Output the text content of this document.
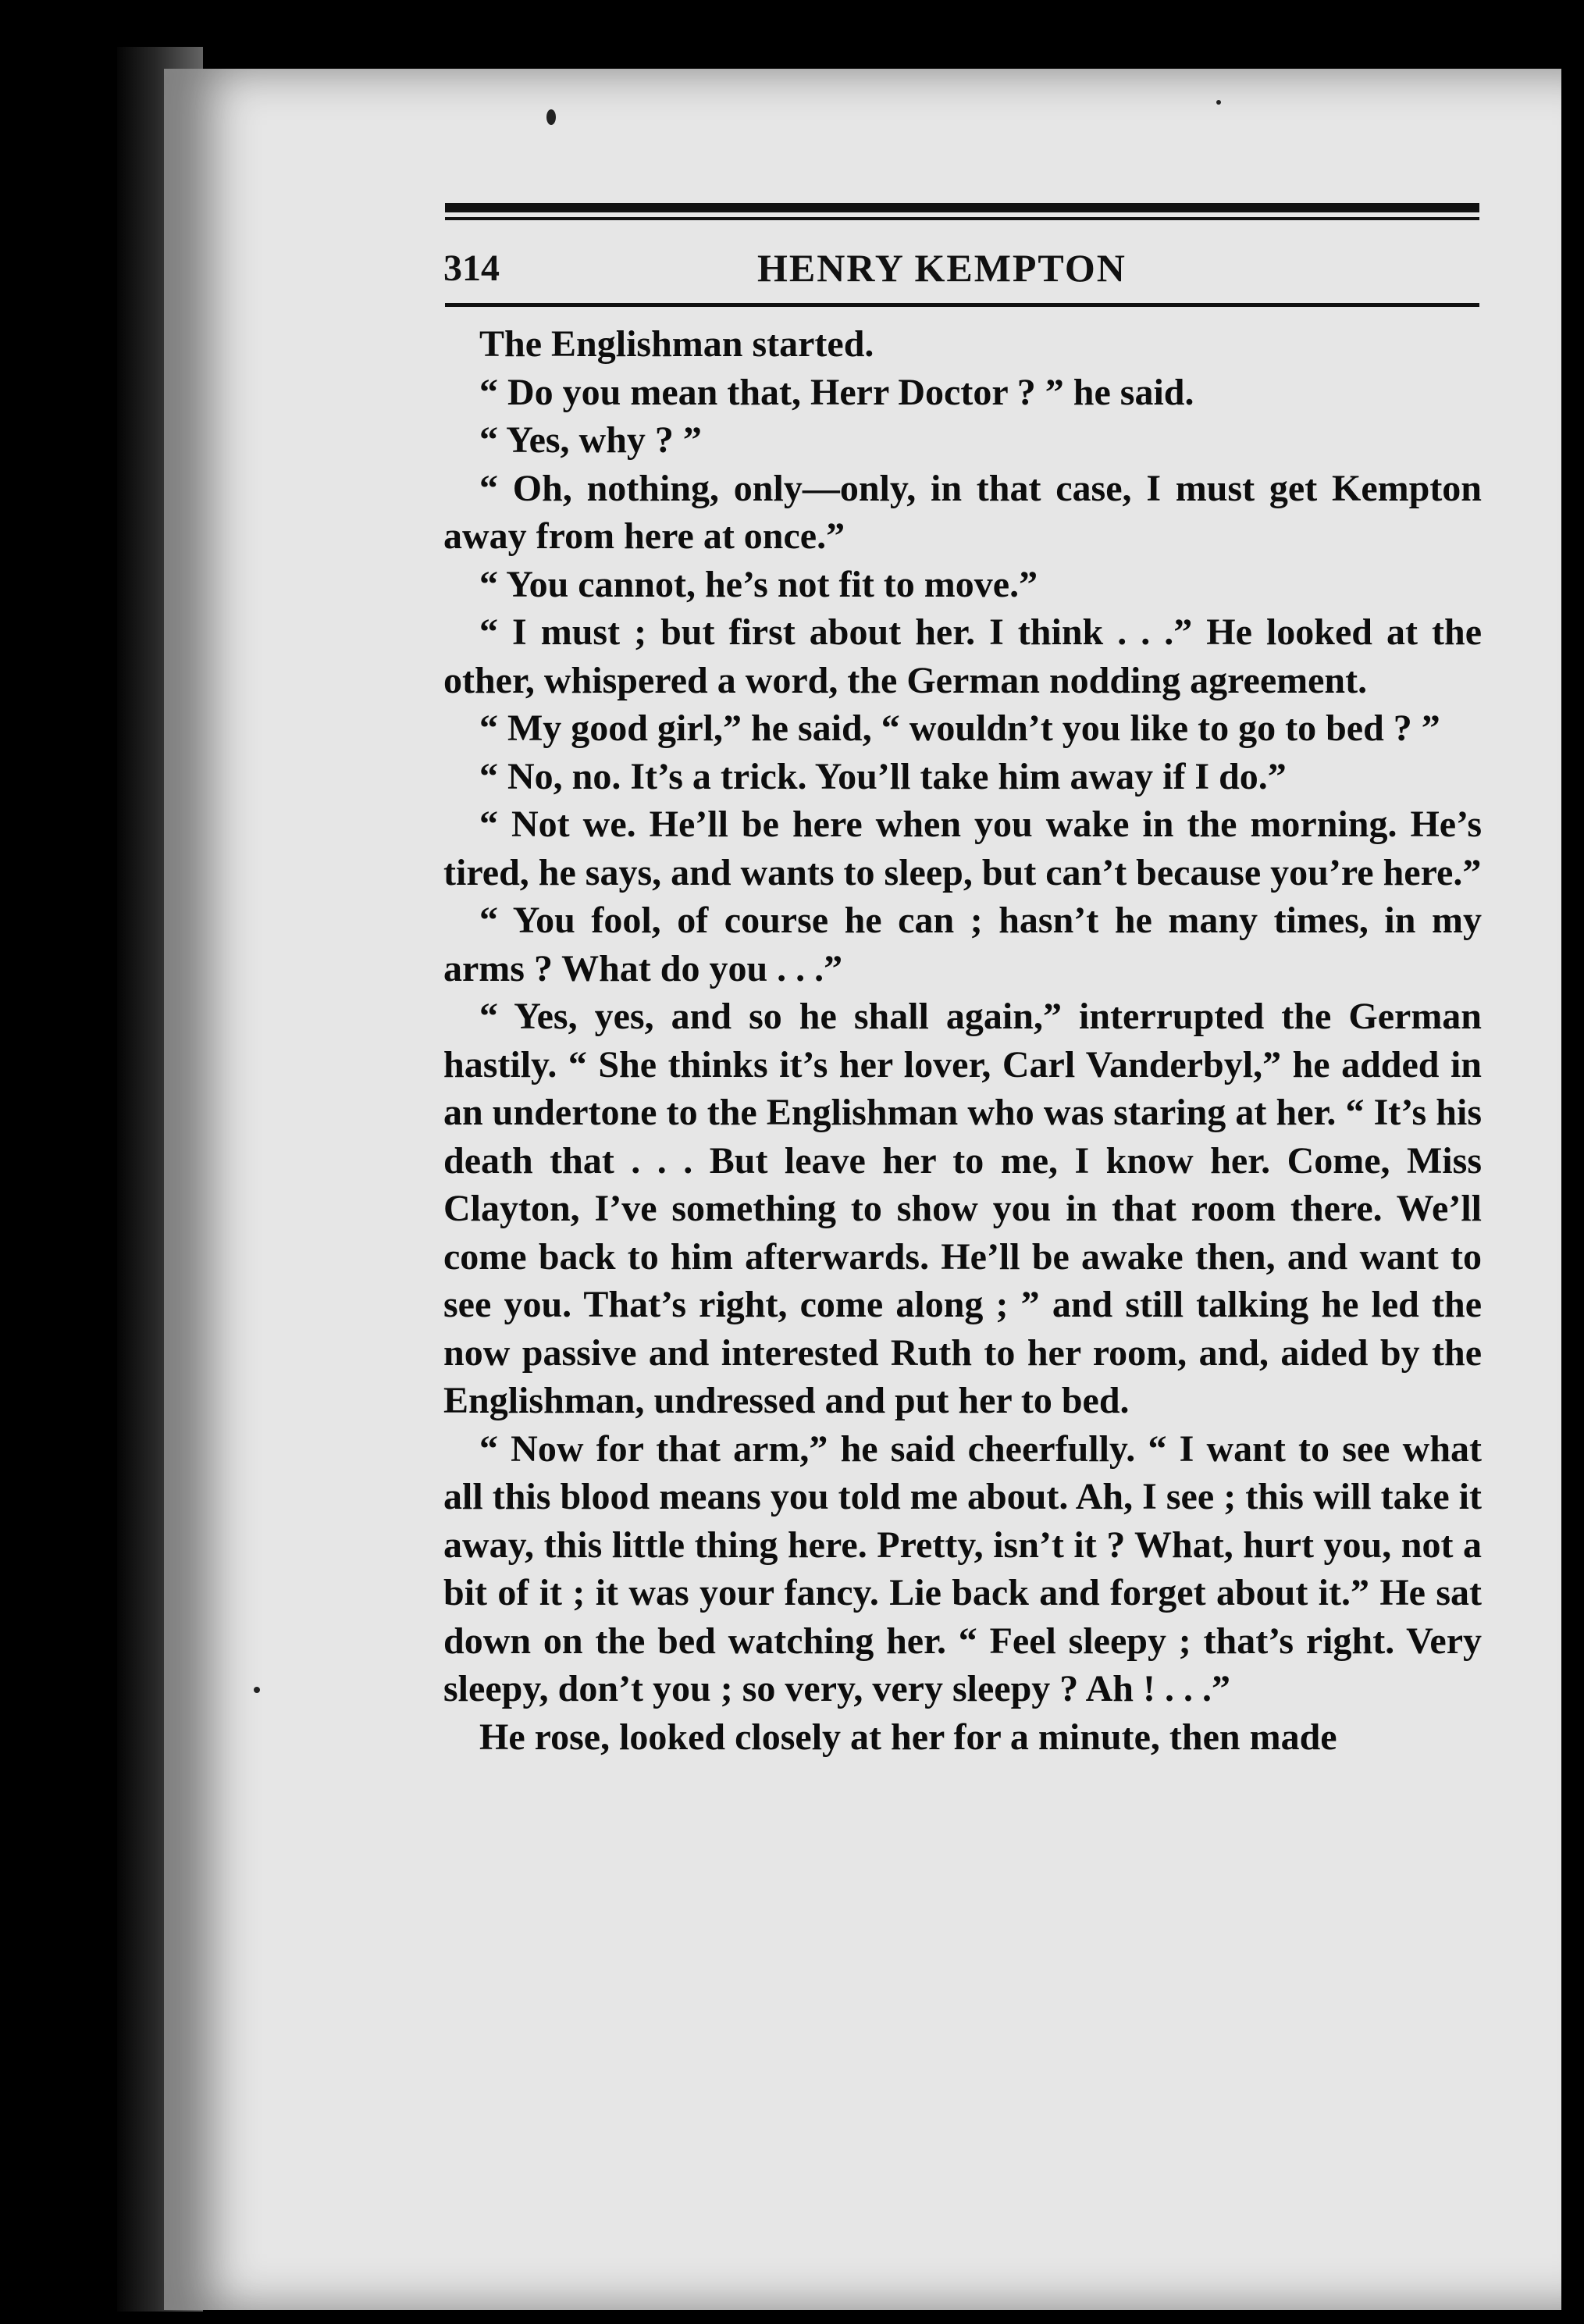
314	HENRY KEMPTON

The Englishman started.

“ Do you mean that, Herr Doctor ? ” he said.

“ Yes, why ? ”

“ Oh, nothing, only—only, in that case, I must get Kempton away from here at once.”

“ You cannot, he’s not fit to move.”

“ I must ; but first about her. I think . . .” He looked at the other, whispered a word, the German nodding agreement.

“ My good girl,” he said, “ wouldn’t you like to go to bed ? ”

“ No, no. It’s a trick. You’ll take him away if I do.”

“ Not we. He’ll be here when you wake in the morning. He’s tired, he says, and wants to sleep, but can’t because you’re here.”

“ You fool, of course he can ; hasn’t he many times, in my arms ? What do you . . .”

“ Yes, yes, and so he shall again,” interrupted the German hastily. “ She thinks it’s her lover, Carl Vanderbyl,” he added in an undertone to the Englishman who was staring at her. “ It’s his death that . . . But leave her to me, I know her. Come, Miss Clayton, I’ve something to show you in that room there. We’ll come back to him afterwards. He’ll be awake then, and want to see you. That’s right, come along ; ” and still talking he led the now passive and interested Ruth to her room, and, aided by the Englishman, undressed and put her to bed.

“ Now for that arm,” he said cheerfully. “ I want to see what all this blood means you told me about. Ah, I see ; this will take it away, this little thing here. Pretty, isn’t it ? What, hurt you, not a bit of it ; it was your fancy. Lie back and forget about it.” He sat down on the bed watching her. “ Feel sleepy ; that’s right. Very sleepy, don’t you ; so very, very sleepy ? Ah ! . . .”

He rose, looked closely at her for a minute, then made
